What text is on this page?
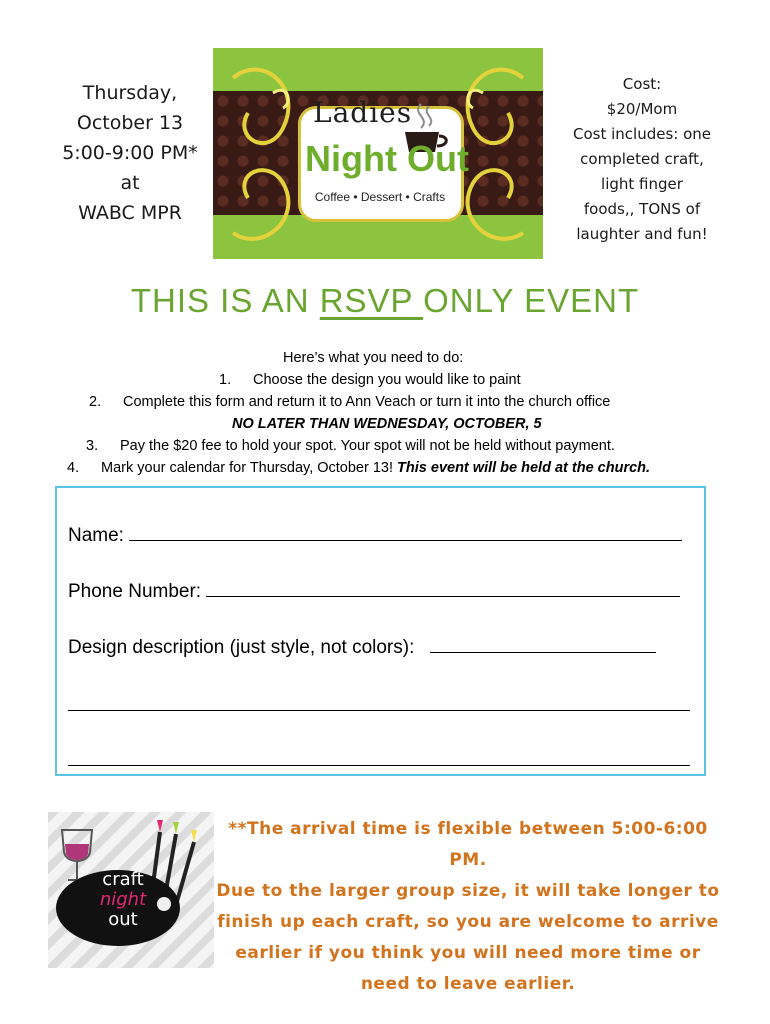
Thursday,
October 13
5:00-9:00 PM*
at
WABC MPR
Ladies
Night Out
Coffee • Dessert • Crafts
Cost:
$20/Mom
Cost includes: one
completed craft,
light finger
foods,, TONS of
laughter and fun!
THIS IS AN RSVP ONLY EVENT
Here’s what you need to do:
1. Choose the design you would like to paint
2. Complete this form and return it to Ann Veach or turn it into the church office
NO LATER THAN WEDNESDAY, OCTOBER, 5
3. Pay the $20 fee to hold your spot. Your spot will not be held without payment.
4. Mark your calendar for Thursday, October 13! This event will be held at the church.
Name:
Phone Number:
Design description (just style, not colors):
craft
night
out
**The arrival time is flexible between 5:00-6:00 PM.
Due to the larger group size, it will take longer to
finish up each craft, so you are welcome to arrive
earlier if you think you will need more time or
need to leave earlier.
